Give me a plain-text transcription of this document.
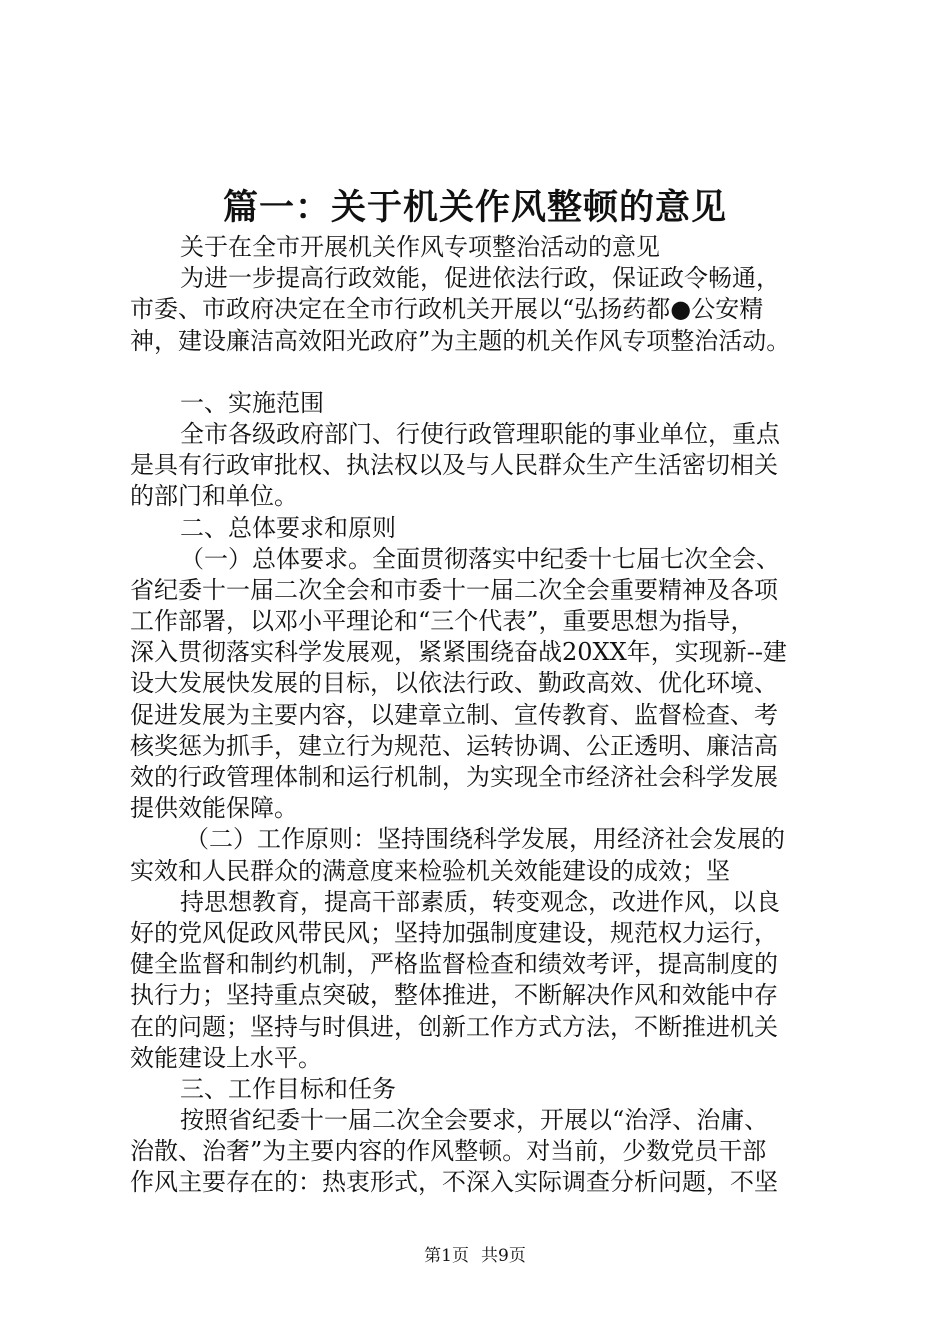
篇一：关于机关作风整顿的意见
关于在全市开展机关作风专项整治活动的意见
为进一步提高行政效能，促进依法行政，保证政令畅通，
市委、市政府决定在全市行政机关开展以“弘扬药都●公安精
神，建设廉洁高效阳光政府”为主题的机关作风专项整治活动。
一、实施范围
全市各级政府部门、行使行政管理职能的事业单位，重点
是具有行政审批权、执法权以及与人民群众生产生活密切相关
的部门和单位。
二、总体要求和原则
（一）总体要求。全面贯彻落实中纪委十七届七次全会、
省纪委十一届二次全会和市委十一届二次全会重要精神及各项
工作部署，以邓小平理论和“三个代表”，重要思想为指导，
深入贯彻落实科学发展观，紧紧围绕奋战20XX年，实现新--建
设大发展快发展的目标，以依法行政、勤政高效、优化环境、
促进发展为主要内容，以建章立制、宣传教育、监督检查、考
核奖惩为抓手，建立行为规范、运转协调、公正透明、廉洁高
效的行政管理体制和运行机制，为实现全市经济社会科学发展
提供效能保障。
（二）工作原则：坚持围绕科学发展，用经济社会发展的
实效和人民群众的满意度来检验机关效能建设的成效；坚
持思想教育，提高干部素质，转变观念，改进作风，以良
好的党风促政风带民风；坚持加强制度建设，规范权力运行，
健全监督和制约机制，严格监督检查和绩效考评，提高制度的
执行力；坚持重点突破，整体推进，不断解决作风和效能中存
在的问题；坚持与时俱进，创新工作方式方法，不断推进机关
效能建设上水平。
三、工作目标和任务
按照省纪委十一届二次全会要求，开展以“治浮、治庸、
治散、治奢”为主要内容的作风整顿。对当前，少数党员干部
作风主要存在的：热衷形式，不深入实际调查分析问题，不坚
第1页 共9页
